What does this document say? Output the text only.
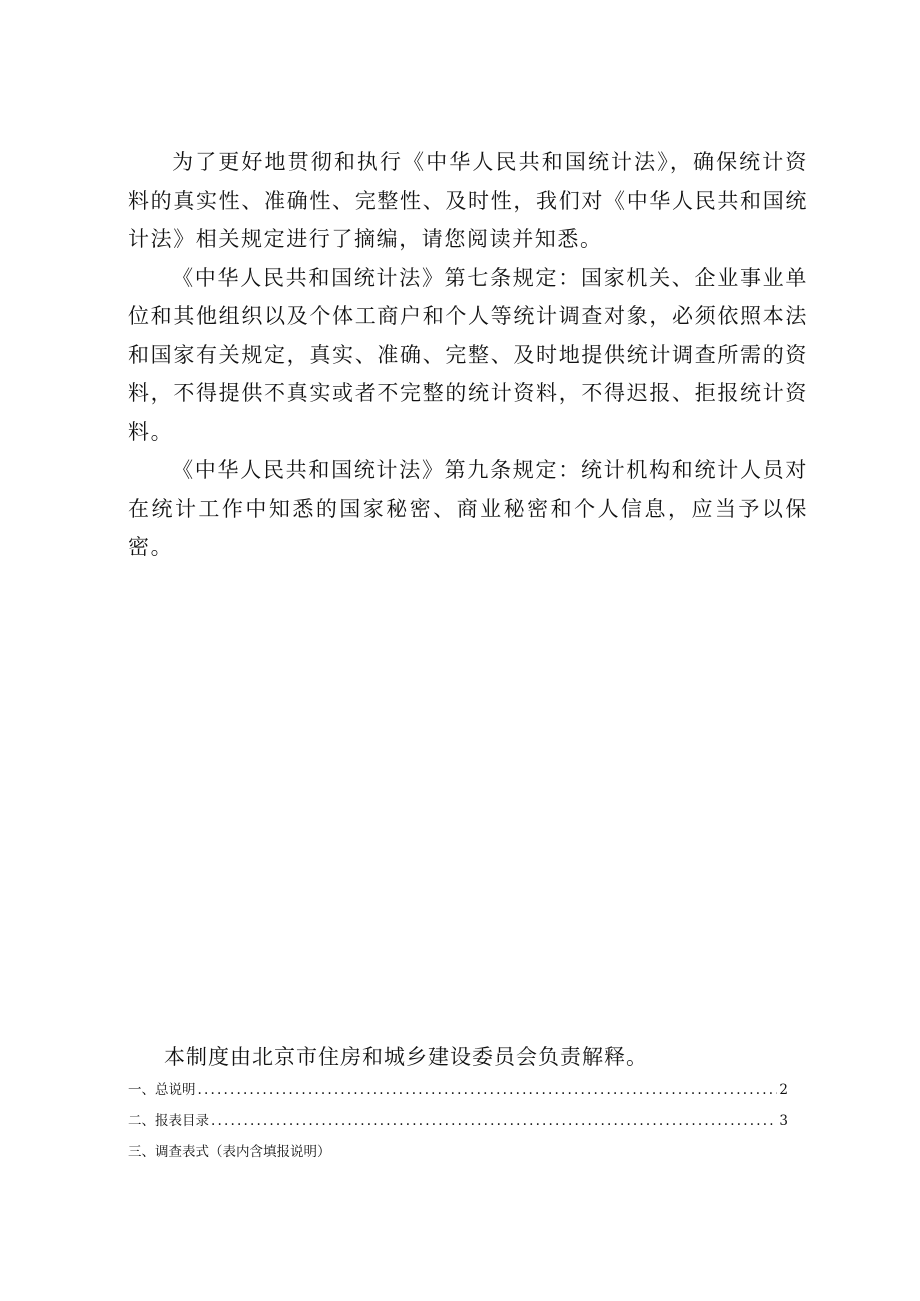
为了更好地贯彻和执行《中华人民共和国统计法》，确保统计资料的真实性、准确性、完整性、及时性，我们对《中华人民共和国统计法》相关规定进行了摘编，请您阅读并知悉。

《中华人民共和国统计法》第七条规定：国家机关、企业事业单位和其他组织以及个体工商户和个人等统计调查对象，必须依照本法和国家有关规定，真实、准确、完整、及时地提供统计调查所需的资料，不得提供不真实或者不完整的统计资料，不得迟报、拒报统计资料。

《中华人民共和国统计法》第九条规定：统计机构和统计人员对在统计工作中知悉的国家秘密、商业秘密和个人信息，应当予以保密。

本制度由北京市住房和城乡建设委员会负责解释。

一、总说明 .....	2
二、报表目录 .....	3
三、调查表式（表内含填报说明）
